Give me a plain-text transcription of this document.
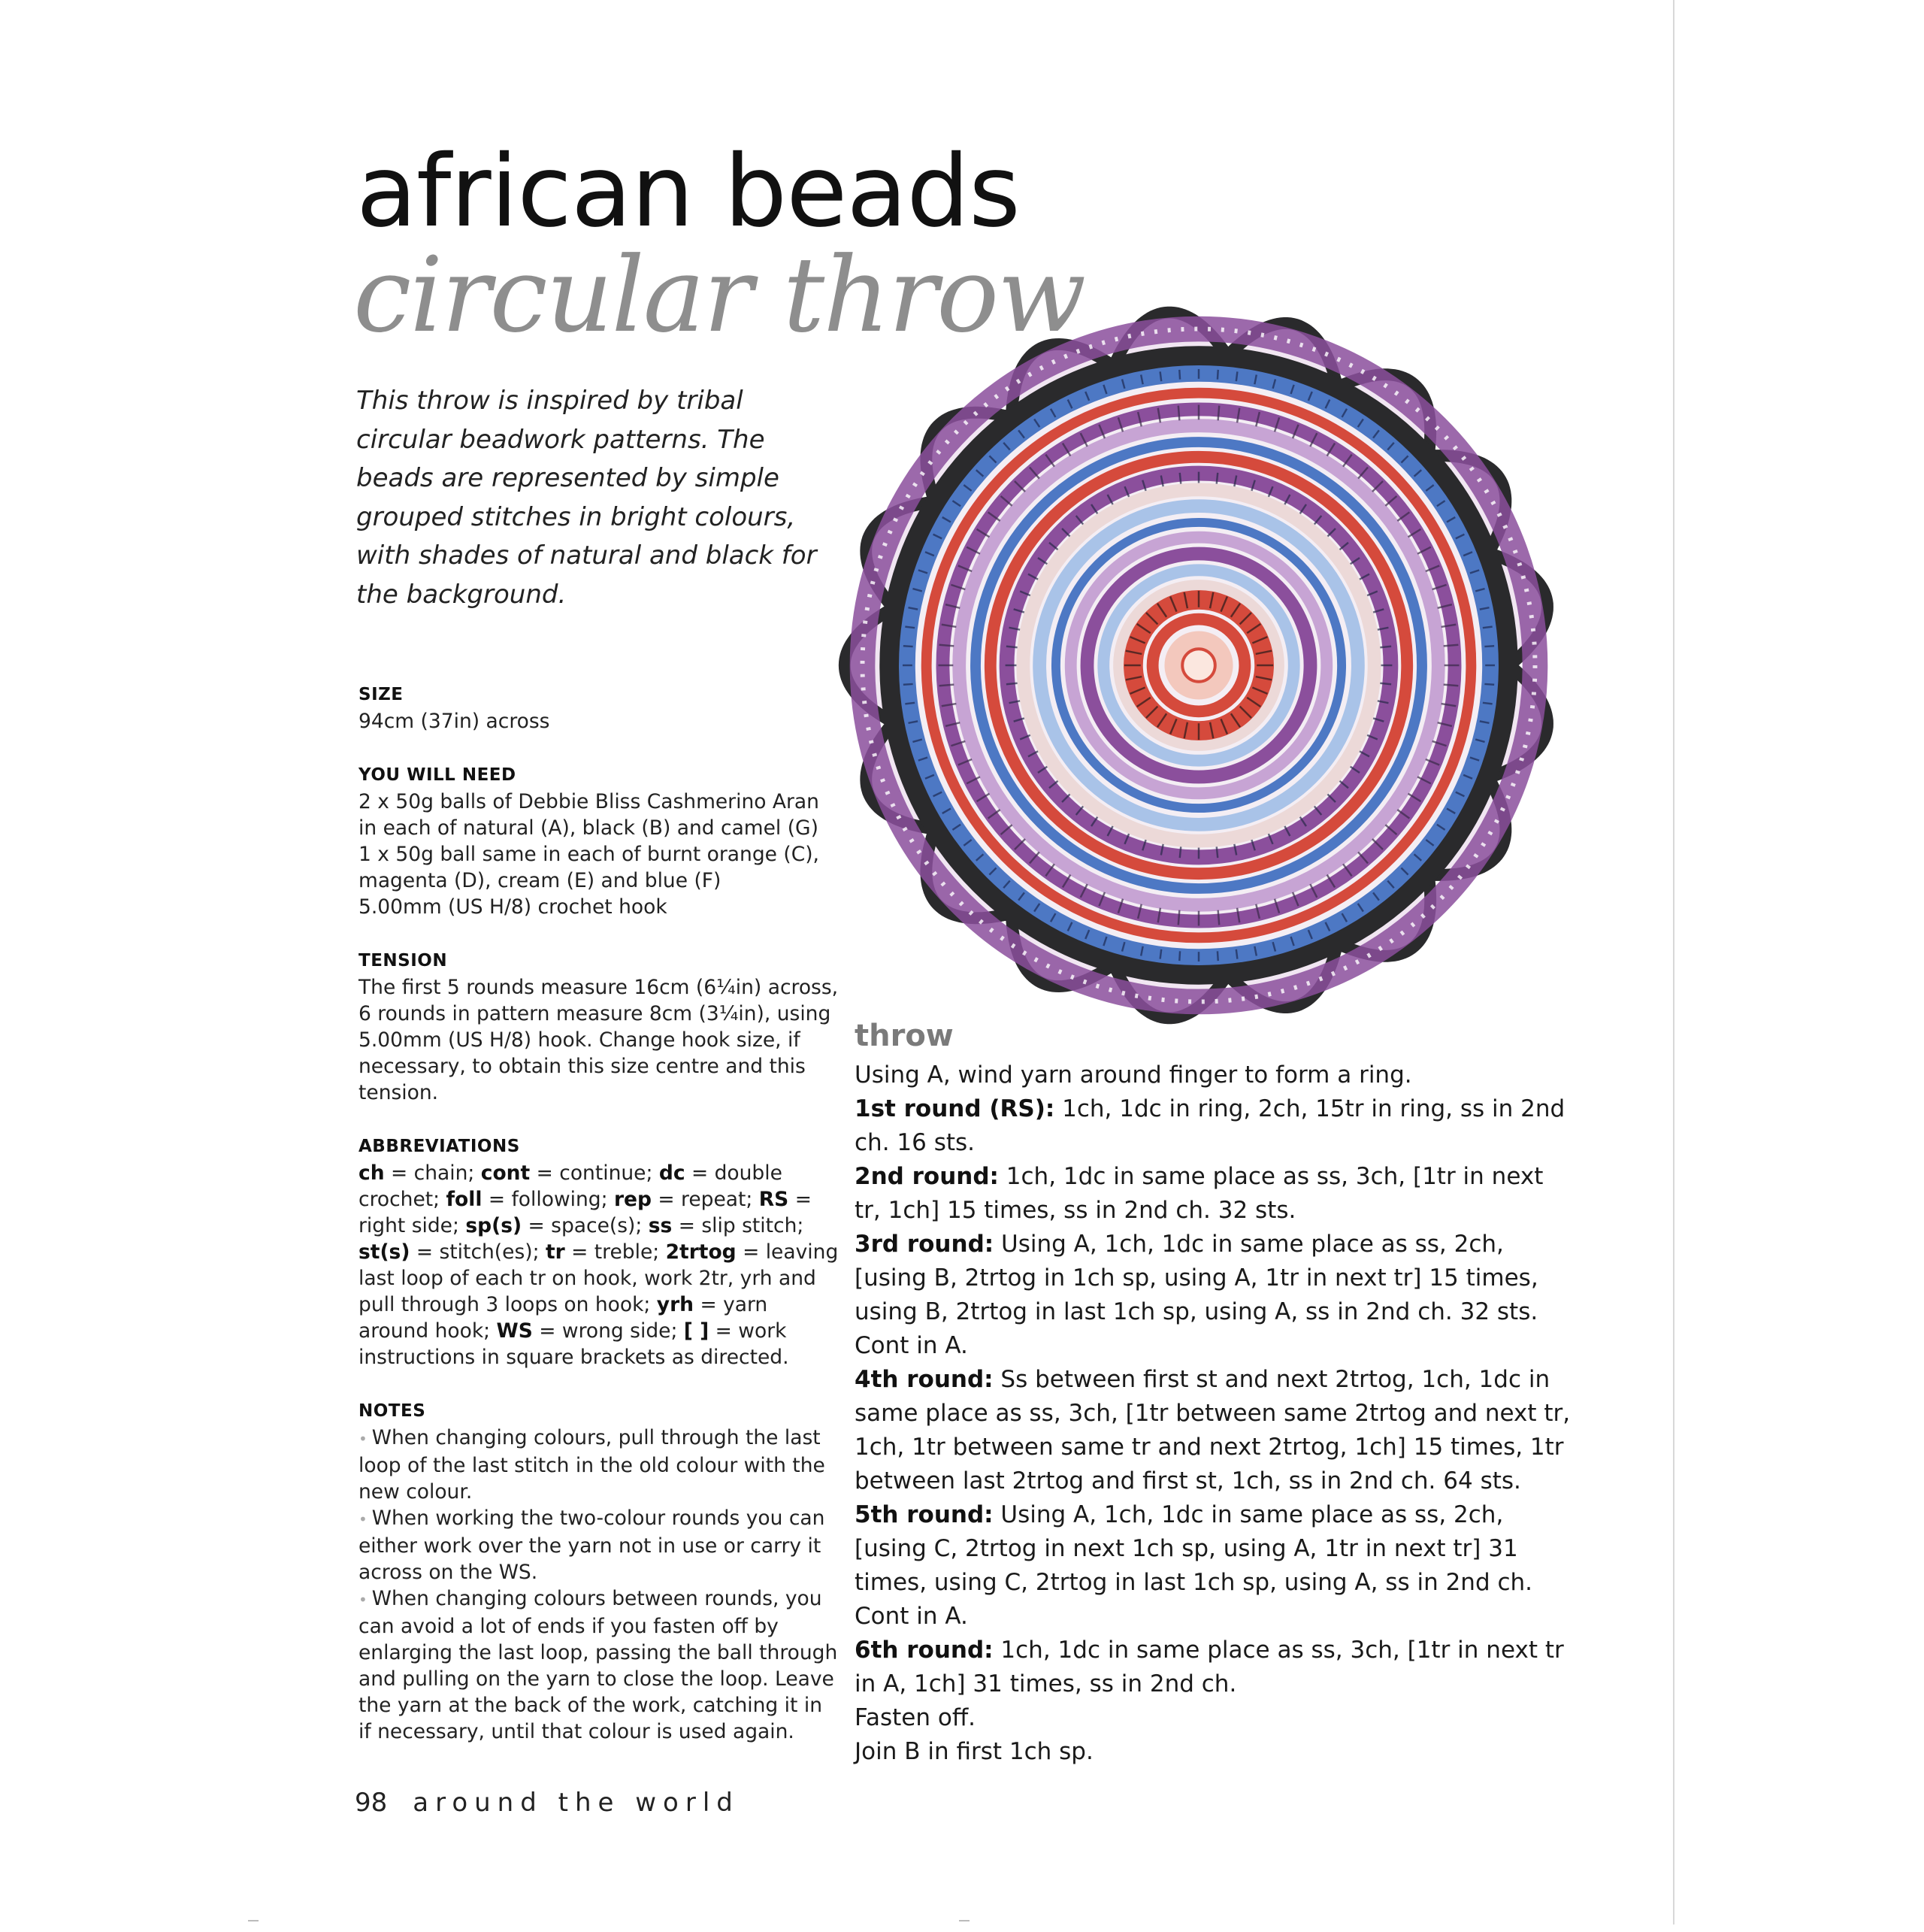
african beads
circular throw
This throw is inspired by tribal circular beadwork patterns. The beads are represented by simple grouped stitches in bright colours, with shades of natural and black for the background.
SIZE
94cm (37in) across
YOU WILL NEED
2 x 50g balls of Debbie Bliss Cashmerino Aran
in each of natural (A), black (B) and camel (G)
1 x 50g ball same in each of burnt orange (C),
magenta (D), cream (E) and blue (F)
5.00mm (US H/8) crochet hook
TENSION
The first 5 rounds measure 16cm (6¼in) across, 6 rounds in pattern measure 8cm (3¼in), using 5.00mm (US H/8) hook. Change hook size, if necessary, to obtain this size centre and this tension.
ABBREVIATIONS
ch = chain; cont = continue; dc = double crochet; foll = following; rep = repeat; RS = right side; sp(s) = space(s); ss = slip stitch; st(s) = stitch(es); tr = treble; 2trtog = leaving last loop of each tr on hook, work 2tr, yrh and pull through 3 loops on hook; yrh = yarn around hook; WS = wrong side; [ ] = work instructions in square brackets as directed.
NOTES
• When changing colours, pull through the last loop of the last stitch in the old colour with the new colour.
• When working the two-colour rounds you can either work over the yarn not in use or carry it across on the WS.
• When changing colours between rounds, you can avoid a lot of ends if you fasten off by enlarging the last loop, passing the ball through and pulling on the yarn to close the loop. Leave the yarn at the back of the work, catching it in if necessary, until that colour is used again.
98 around the world
throw
Using A, wind yarn around finger to form a ring.
1st round (RS): 1ch, 1dc in ring, 2ch, 15tr in ring, ss in 2nd ch. 16 sts.
2nd round: 1ch, 1dc in same place as ss, 3ch, [1tr in next tr, 1ch] 15 times, ss in 2nd ch. 32 sts.
3rd round: Using A, 1ch, 1dc in same place as ss, 2ch, [using B, 2trtog in 1ch sp, using A, 1tr in next tr] 15 times, using B, 2trtog in last 1ch sp, using A, ss in 2nd ch. 32 sts.
Cont in A.
4th round: Ss between first st and next 2trtog, 1ch, 1dc in same place as ss, 3ch, [1tr between same 2trtog and next tr, 1ch, 1tr between same tr and next 2trtog, 1ch] 15 times, 1tr between last 2trtog and first st, 1ch, ss in 2nd ch. 64 sts.
5th round: Using A, 1ch, 1dc in same place as ss, 2ch, [using C, 2trtog in next 1ch sp, using A, 1tr in next tr] 31 times, using C, 2trtog in last 1ch sp, using A, ss in 2nd ch.
Cont in A.
6th round: 1ch, 1dc in same place as ss, 3ch, [1tr in next tr in A, 1ch] 31 times, ss in 2nd ch.
Fasten off.
Join B in first 1ch sp.
